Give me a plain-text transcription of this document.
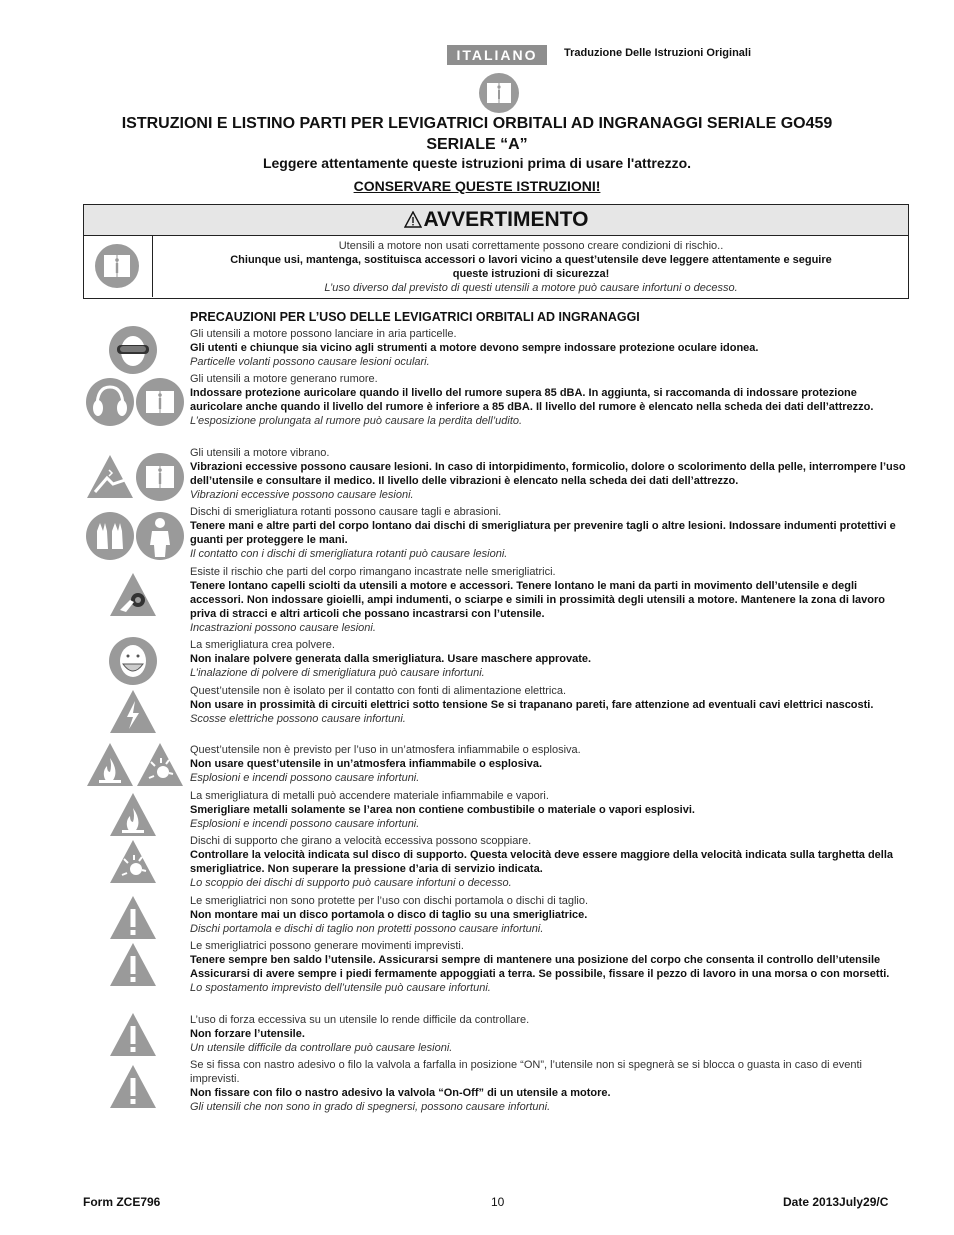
ITALIANO	Traduzione Delle Istruzioni Originali
ISTRUZIONI E LISTINO PARTI PER LEVIGATRICI ORBITALI AD INGRANAGGI SERIALE GO459
SERIALE “A”
Leggere attentamente queste istruzioni prima di usare l'attrezzo.
CONSERVARE QUESTE ISTRUZIONI!
AVVERTIMENTO
Utensili a motore non usati correttamente possono creare condizioni di rischio..
Chiunque usi, mantenga, sostituisca accessori o lavori vicino a quest’utensile deve leggere attentamente e seguire
queste istruzioni di sicurezza!
L’uso diverso dal previsto di questi utensili a motore può causare infortuni o decesso.
PRECAUZIONI PER L’USO DELLE LEVIGATRICI ORBITALI AD INGRANAGGI
Gli utensili a motore possono lanciare in aria particelle.
Gli utenti e chiunque sia vicino agli strumenti a motore devono sempre indossare protezione oculare idonea.
Particelle volanti possono causare lesioni oculari.
Gli utensili a motore generano rumore.
Indossare protezione auricolare quando il livello del rumore supera 85 dBA. In aggiunta, si raccomanda di indossare protezione auricolare anche quando il livello del rumore è inferiore a 85 dBA. Il livello del rumore è elencato nella scheda dei dati dell’attrezzo.
L’esposizione prolungata al rumore può causare la perdita dell’udito.
Gli utensili a motore vibrano.
Vibrazioni eccessive possono causare lesioni. In caso di intorpidimento, formicolio, dolore o scolorimento della pelle, interrompere l’uso dell’utensile e consultare il medico. Il livello delle vibrazioni è elencato nella scheda dei dati dell’attrezzo.
Vibrazioni eccessive possono causare lesioni.
Dischi di smerigliatura rotanti possono causare tagli e abrasioni.
Tenere mani e altre parti del corpo lontano dai dischi di smerigliatura per prevenire tagli o altre lesioni. Indossare indumenti protettivi e guanti per proteggere le mani.
Il contatto con i dischi di smerigliatura rotanti può causare lesioni.
Esiste il rischio che parti del corpo rimangano incastrate nelle smerigliatrici.
Tenere lontano capelli sciolti da utensili a motore e accessori. Tenere lontano le mani da parti in movimento dell’utensile e degli accessori. Non indossare gioielli, ampi indumenti, o sciarpe e simili in prossimità degli utensili a motore. Mantenere la zona di lavoro priva di stracci e altri articoli che possano incastrarsi con l’utensile.
Incastrazioni possono causare lesioni.
La smerigliatura crea polvere.
Non inalare polvere generata dalla smerigliatura. Usare maschere approvate.
L’inalazione di polvere di smerigliatura può causare infortuni.
Quest’utensile non è isolato per il contatto con fonti di alimentazione elettrica.
Non usare in prossimità di circuiti elettrici sotto tensione Se si trapanano pareti, fare attenzione ad eventuali cavi elettrici nascosti.
Scosse elettriche possono causare infortuni.
Quest’utensile non è previsto per l’uso in un’atmosfera infiammabile o esplosiva.
Non usare quest’utensile in un’atmosfera infiammabile o esplosiva.
Esplosioni e incendi possono causare infortuni.
La smerigliatura di metalli può accendere materiale infiammabile e vapori.
Smerigliare metalli solamente se l’area non contiene combustibile o materiale o vapori esplosivi.
Esplosioni e incendi possono causare infortuni.
Dischi di supporto che girano a velocità eccessiva possono scoppiare.
Controllare la velocità indicata sul disco di supporto. Questa velocità deve essere maggiore della velocità indicata sulla targhetta della smerigliatrice. Non superare la pressione d’aria di servizio indicata.
Lo scoppio dei dischi di supporto può causare infortuni o decesso.
Le smerigliatrici non sono protette per l’uso con dischi portamola o dischi di taglio.
Non montare mai un disco portamola o disco di taglio su una smerigliatrice.
Dischi portamola e dischi di taglio non protetti possono causare infortuni.
Le smerigliatrici possono generare movimenti imprevisti.
Tenere sempre ben saldo l’utensile. Assicurarsi sempre di mantenere una posizione del corpo che consenta il controllo dell’utensile Assicurarsi di avere sempre i piedi fermamente appoggiati a terra. Se possibile, fissare il pezzo di lavoro in una morsa o con morsetti.
Lo spostamento imprevisto dell’utensile può causare infortuni.
L’uso di forza eccessiva su un utensile lo rende difficile da controllare.
Non forzare l’utensile.
Un utensile difficile da controllare può causare lesioni.
Se si fissa con nastro adesivo o filo la valvola a farfalla in posizione “ON”, l’utensile non si spegnerà se si blocca o guasta in caso di eventi imprevisti.
Non fissare con filo o nastro adesivo la valvola “On-Off” di un utensile a motore.
Gli utensili che non sono in grado di spegnersi, possono causare infortuni.
Form ZCE796	10	Date 2013July29/C
